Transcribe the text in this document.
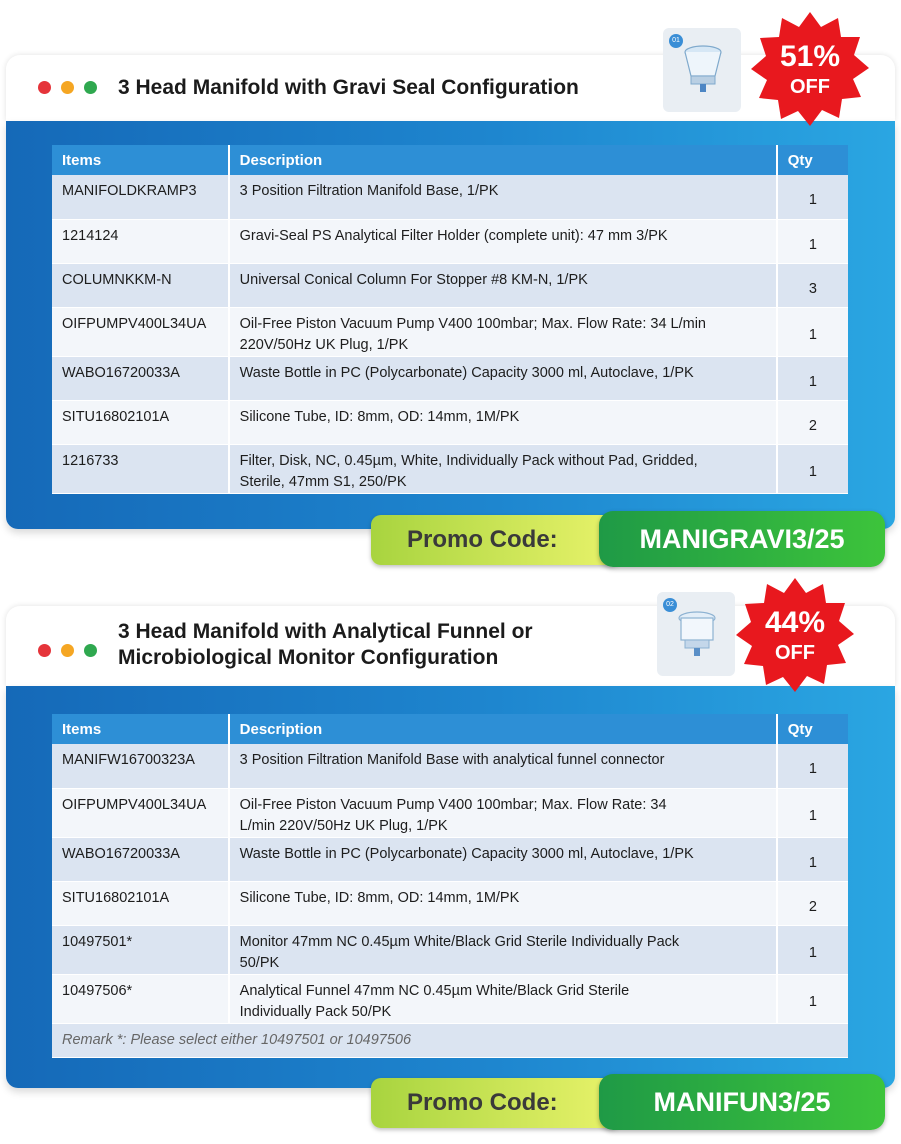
3 Head Manifold with Gravi Seal Configuration
Items	Description	Qty
MANIFOLDKRAMP3	3 Position Filtration Manifold Base, 1/PK	1
1214124	Gravi-Seal PS Analytical Filter Holder (complete unit): 47 mm 3/PK	1
COLUMNKKM-N	Universal Conical Column For Stopper #8 KM-N, 1/PK	3
OIFPUMPV400L34UA	Oil-Free Piston Vacuum Pump V400 100mbar; Max. Flow Rate: 34 L/min
220V/50Hz UK Plug, 1/PK	1
WABO16720033A	Waste Bottle in PC (Polycarbonate) Capacity 3000 ml, Autoclave, 1/PK	1
SITU16802101A	Silicone Tube, ID: 8mm, OD: 14mm, 1M/PK	2
1216733	Filter, Disk, NC, 0.45µm, White, Individually Pack without Pad, Gridded,
Sterile, 47mm S1, 250/PK	1
01	51%
OFF
Promo Code:	MANIGRAVI3/25
3 Head Manifold with Analytical Funnel or
Microbiological Monitor Configuration
Items	Description	Qty
MANIFW16700323A	3 Position Filtration Manifold Base with analytical funnel connector	1
OIFPUMPV400L34UA	Oil-Free Piston Vacuum Pump V400 100mbar; Max. Flow Rate: 34
L/min 220V/50Hz UK Plug, 1/PK	1
WABO16720033A	Waste Bottle in PC (Polycarbonate) Capacity 3000 ml, Autoclave, 1/PK	1
SITU16802101A	Silicone Tube, ID: 8mm, OD: 14mm, 1M/PK	2
10497501*	Monitor 47mm NC 0.45µm White/Black Grid Sterile Individually Pack
50/PK	1
10497506*	Analytical Funnel 47mm NC 0.45µm White/Black Grid Sterile
Individually Pack 50/PK	1
Remark *: Please select either 10497501 or 10497506		
02
44%
OFF
Promo Code:	MANIFUN3/25
